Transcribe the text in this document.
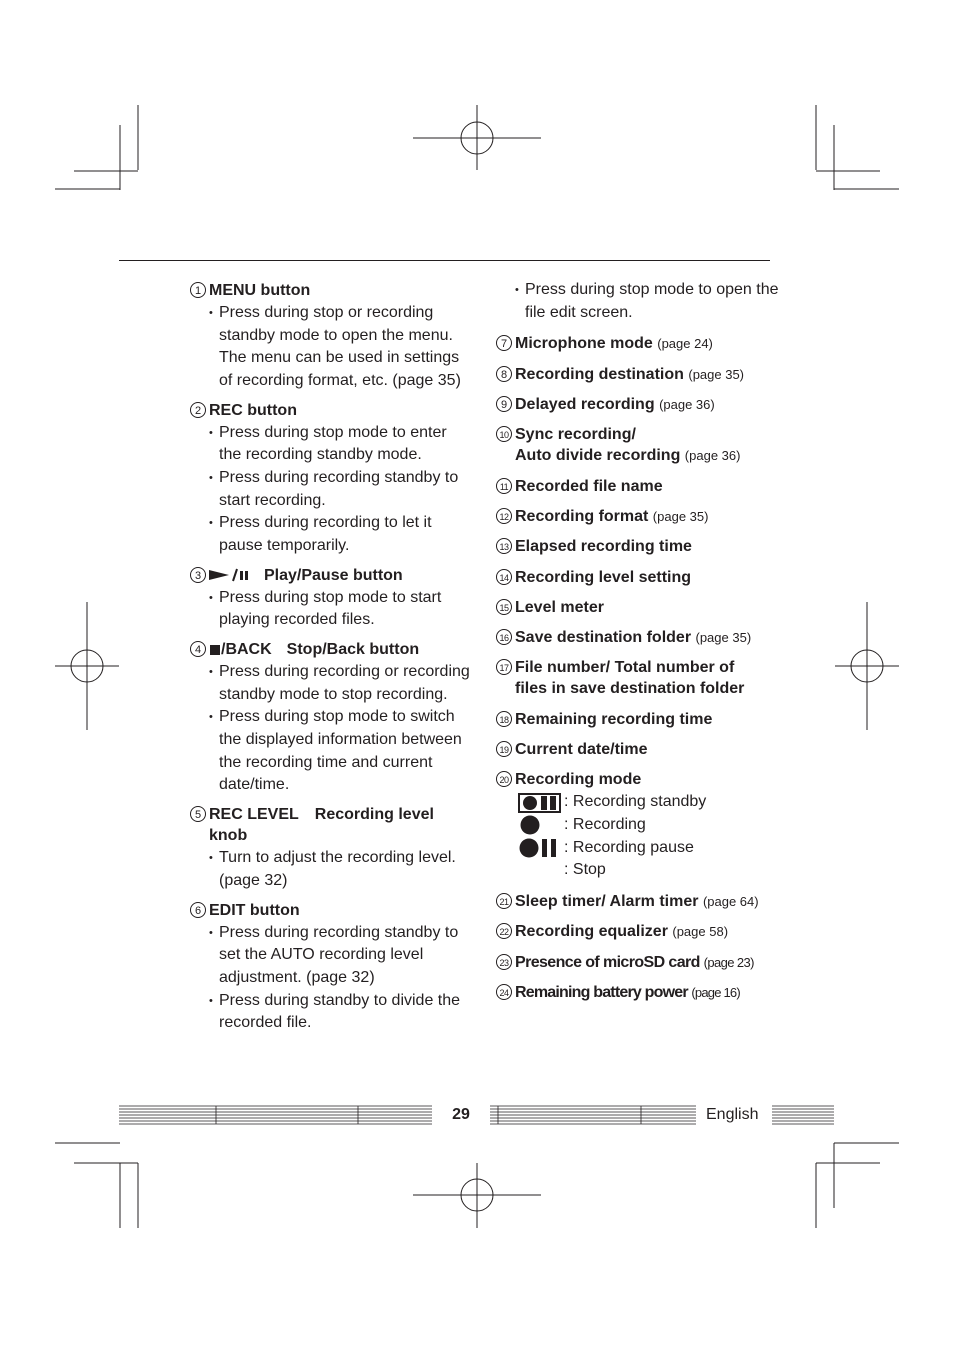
1 MENU button
• Press during stop or recording standby mode to open the menu. The menu can be used in settings of recording format, etc. (page 35)
2 REC button
• Press during stop mode to enter the recording standby mode.
• Press during recording standby to start recording.
• Press during recording to let it pause temporarily.
3	Play/Pause button
• Press during stop mode to start playing recorded files.
4	/BACK Stop/Back button
• Press during recording or recording standby mode to stop recording.
• Press during stop mode to switch the displayed information between the recording time and current date/time.
5 REC LEVEL Recording level knob
• Turn to adjust the recording level. (page 32)
6 EDIT button
• Press during recording standby to set the AUTO recording level adjustment. (page 32)
• Press during standby to divide the recorded file.
• Press during stop mode to open the file edit screen.
7 Microphone mode (page 24)
8 Recording destination (page 35)
9 Delayed recording (page 36)
10 Sync recording/
Auto divide recording (page 36)
11 Recorded file name
12 Recording format (page 35)
13 Elapsed recording time
14 Recording level setting
15 Level meter
16 Save destination folder (page 35)
17 File number/ Total number of
files in save destination folder
18 Remaining recording time
19 Current date/time
20 Recording mode
: Recording standby
: Recording
: Recording pause
: Stop
21 Sleep timer/ Alarm timer (page 64)
22 Recording equalizer (page 58)
23 Presence of microSD card (page 23)
24 Remaining battery power (page 16)
29	English
